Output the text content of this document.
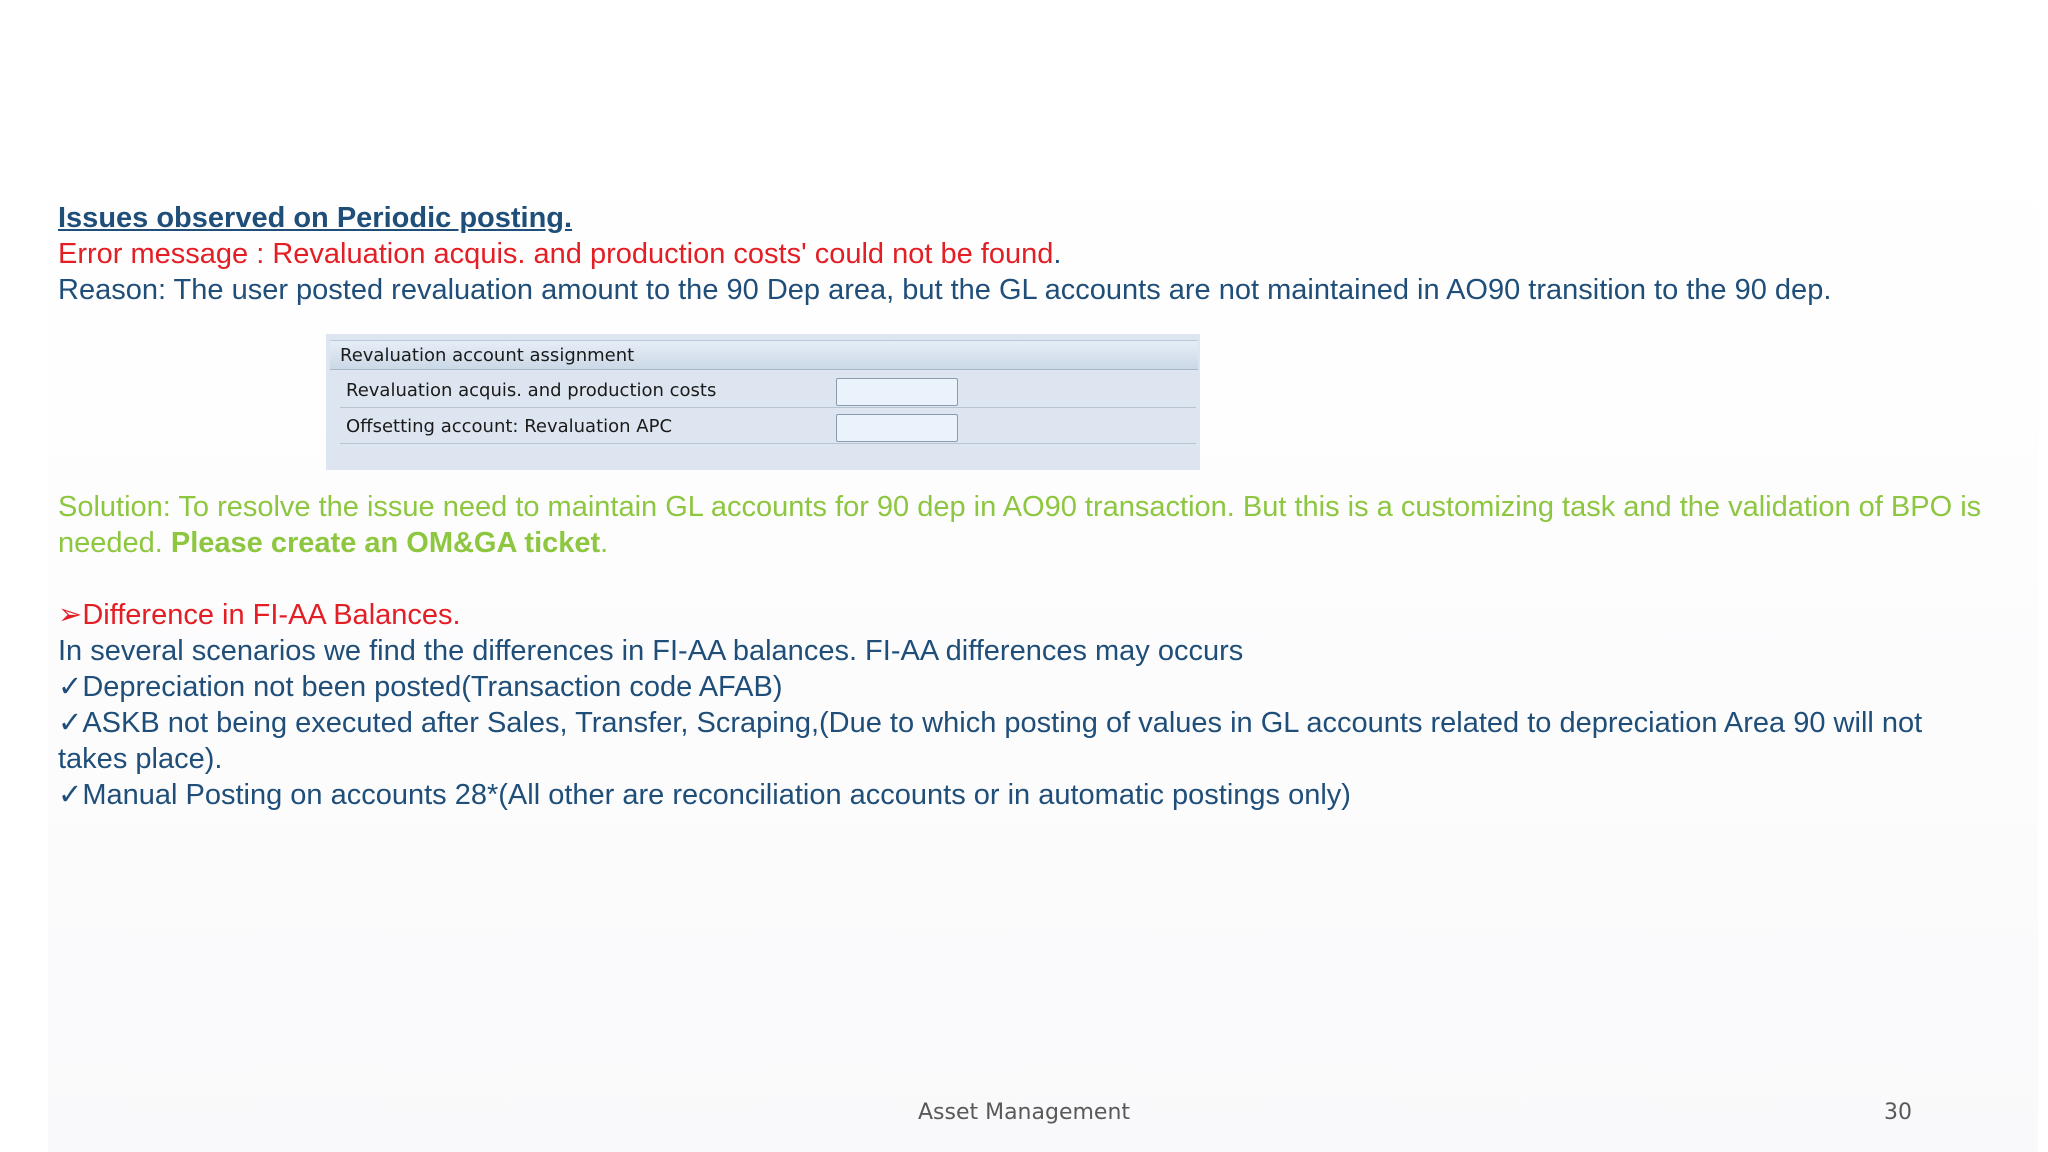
Issues observed on Periodic posting.

Error message : Revaluation acquis. and production costs' could not be found.

Reason: The user posted revaluation amount to the 90 Dep area, but the GL accounts are not maintained in AO90 transition to the 90 dep.

Solution: To resolve the issue need to maintain GL accounts for 90 dep in AO90 transaction. But this is a customizing task and the validation of BPO is needed. Please create an OM&GA ticket.

➢Difference in FI-AA Balances.

In several scenarios we find the differences in FI-AA balances. FI-AA differences may occurs

✓Depreciation not been posted(Transaction code AFAB)

✓ASKB not being executed after Sales, Transfer, Scraping,(Due to which posting of values in GL accounts related to depreciation Area 90 will not takes place).

✓Manual Posting on accounts 28*(All other are reconciliation accounts or in automatic postings only)

Revaluation account assignment
Revaluation acquis. and production costs
Offsetting account: Revaluation APC
Asset Management	30
